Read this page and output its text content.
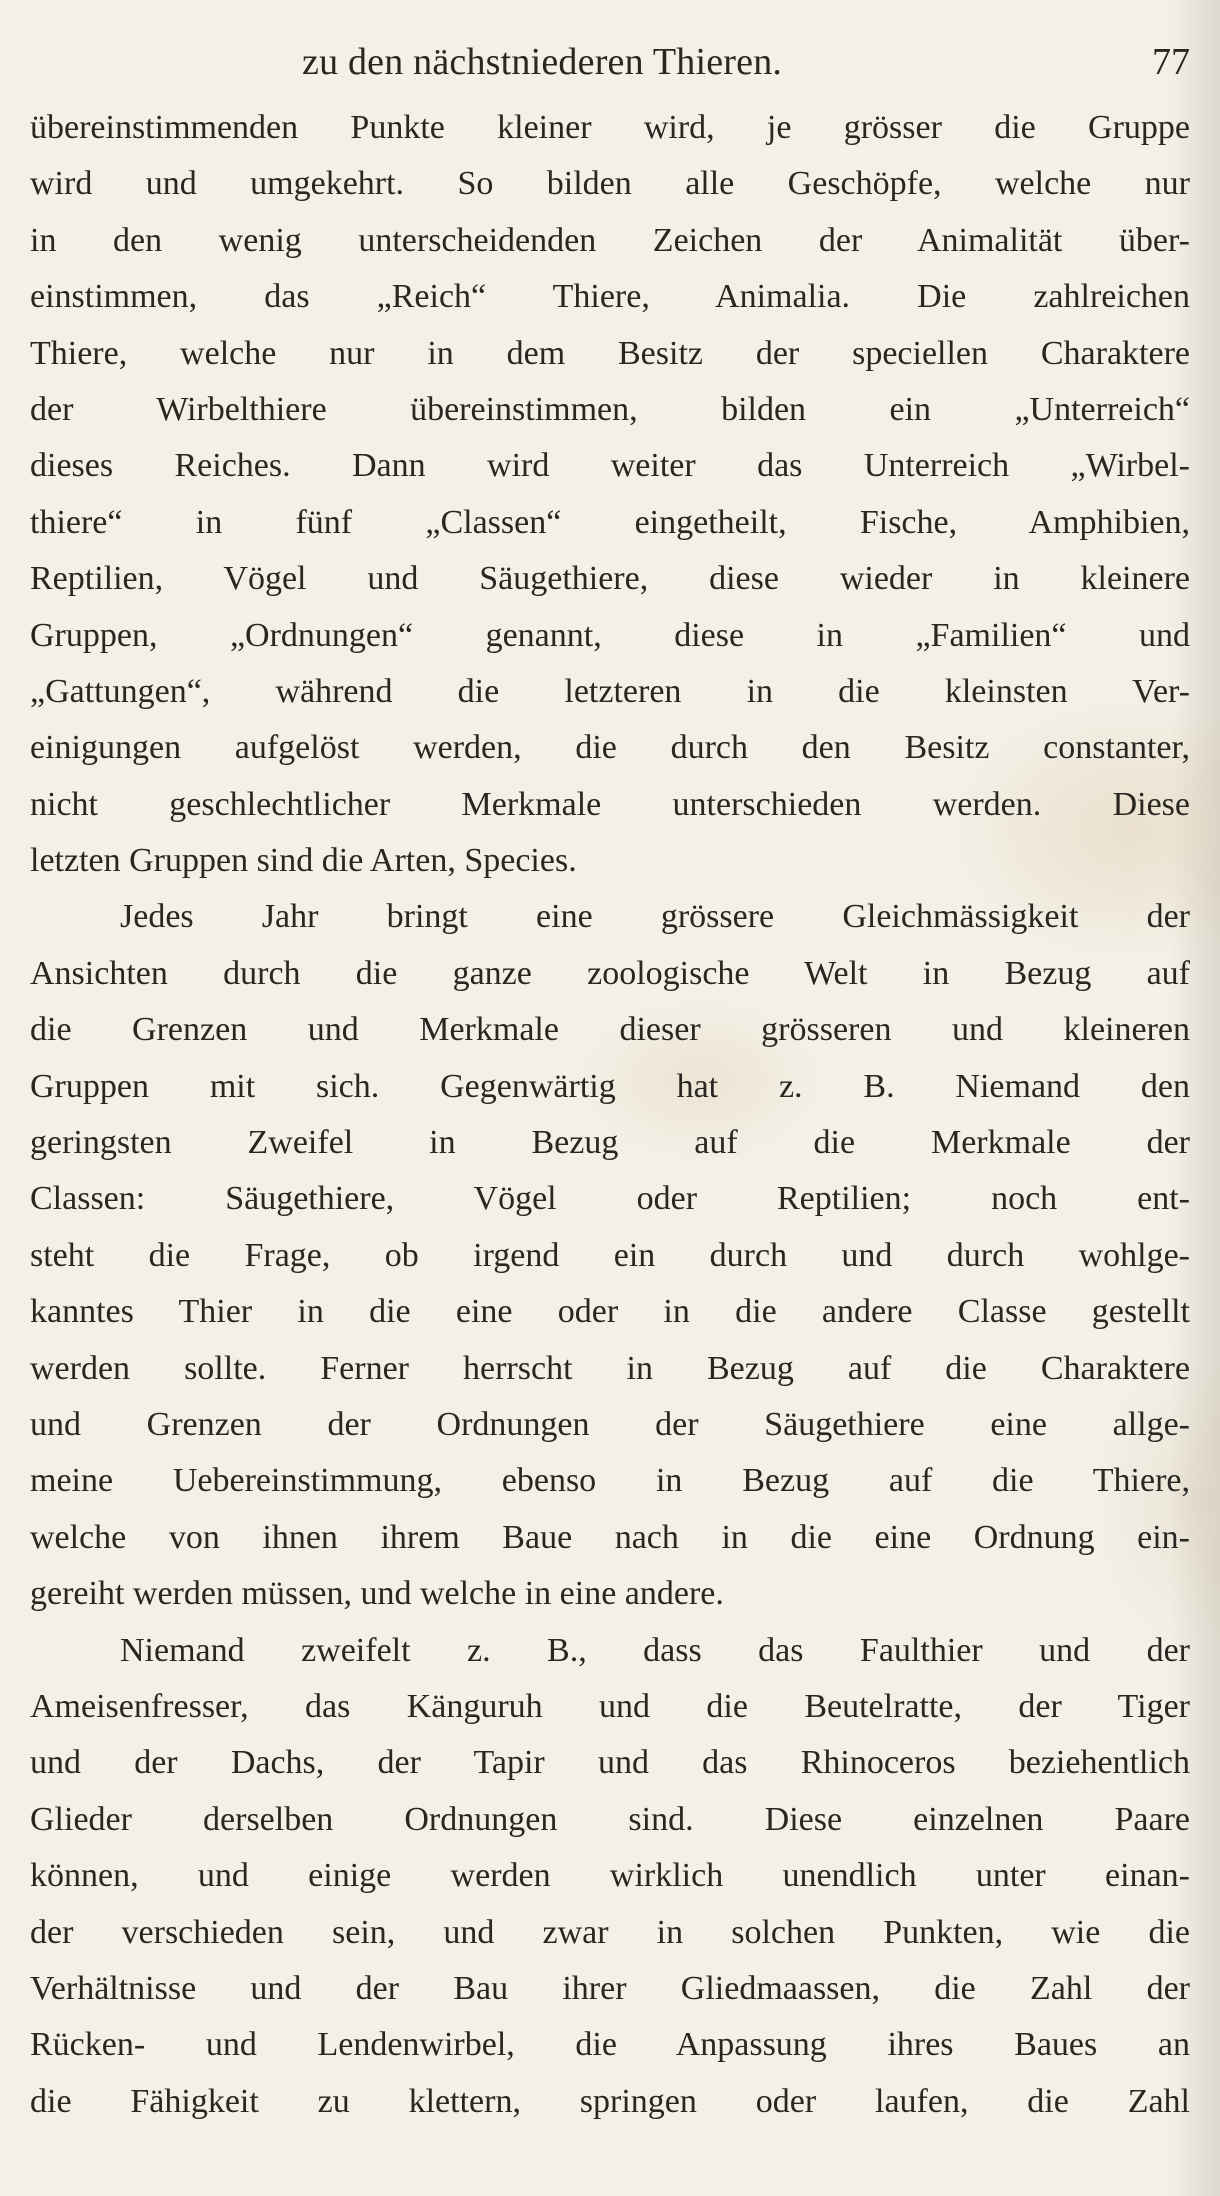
zu den nächstniederen Thieren.	77
übereinstimmenden Punkte kleiner wird, je grösser die Gruppe
wird und umgekehrt. So bilden alle Geschöpfe, welche nur
in den wenig unterscheidenden Zeichen der Animalität über-
einstimmen, das „Reich“ Thiere, Animalia. Die zahlreichen
Thiere, welche nur in dem Besitz der speciellen Charaktere
der Wirbelthiere übereinstimmen, bilden ein „Unterreich“
dieses Reiches. Dann wird weiter das Unterreich „Wirbel-
thiere“ in fünf „Classen“ eingetheilt, Fische, Amphibien,
Reptilien, Vögel und Säugethiere, diese wieder in kleinere
Gruppen, „Ordnungen“ genannt, diese in „Familien“ und
„Gattungen“, während die letzteren in die kleinsten Ver-
einigungen aufgelöst werden, die durch den Besitz constanter,
nicht geschlechtlicher Merkmale unterschieden werden. Diese
letzten Gruppen sind die Arten, Species.
Jedes Jahr bringt eine grössere Gleichmässigkeit der
Ansichten durch die ganze zoologische Welt in Bezug auf
die Grenzen und Merkmale dieser grösseren und kleineren
Gruppen mit sich. Gegenwärtig hat z. B. Niemand den
geringsten Zweifel in Bezug auf die Merkmale der
Classen: Säugethiere, Vögel oder Reptilien; noch ent-
steht die Frage, ob irgend ein durch und durch wohlge-
kanntes Thier in die eine oder in die andere Classe gestellt
werden sollte. Ferner herrscht in Bezug auf die Charaktere
und Grenzen der Ordnungen der Säugethiere eine allge-
meine Uebereinstimmung, ebenso in Bezug auf die Thiere,
welche von ihnen ihrem Baue nach in die eine Ordnung ein-
gereiht werden müssen, und welche in eine andere.
Niemand zweifelt z. B., dass das Faulthier und der
Ameisenfresser, das Känguruh und die Beutelratte, der Tiger
und der Dachs, der Tapir und das Rhinoceros beziehentlich
Glieder derselben Ordnungen sind. Diese einzelnen Paare
können, und einige werden wirklich unendlich unter einan-
der verschieden sein, und zwar in solchen Punkten, wie die
Verhältnisse und der Bau ihrer Gliedmaassen, die Zahl der
Rücken- und Lendenwirbel, die Anpassung ihres Baues an
die Fähigkeit zu klettern, springen oder laufen, die Zahl
